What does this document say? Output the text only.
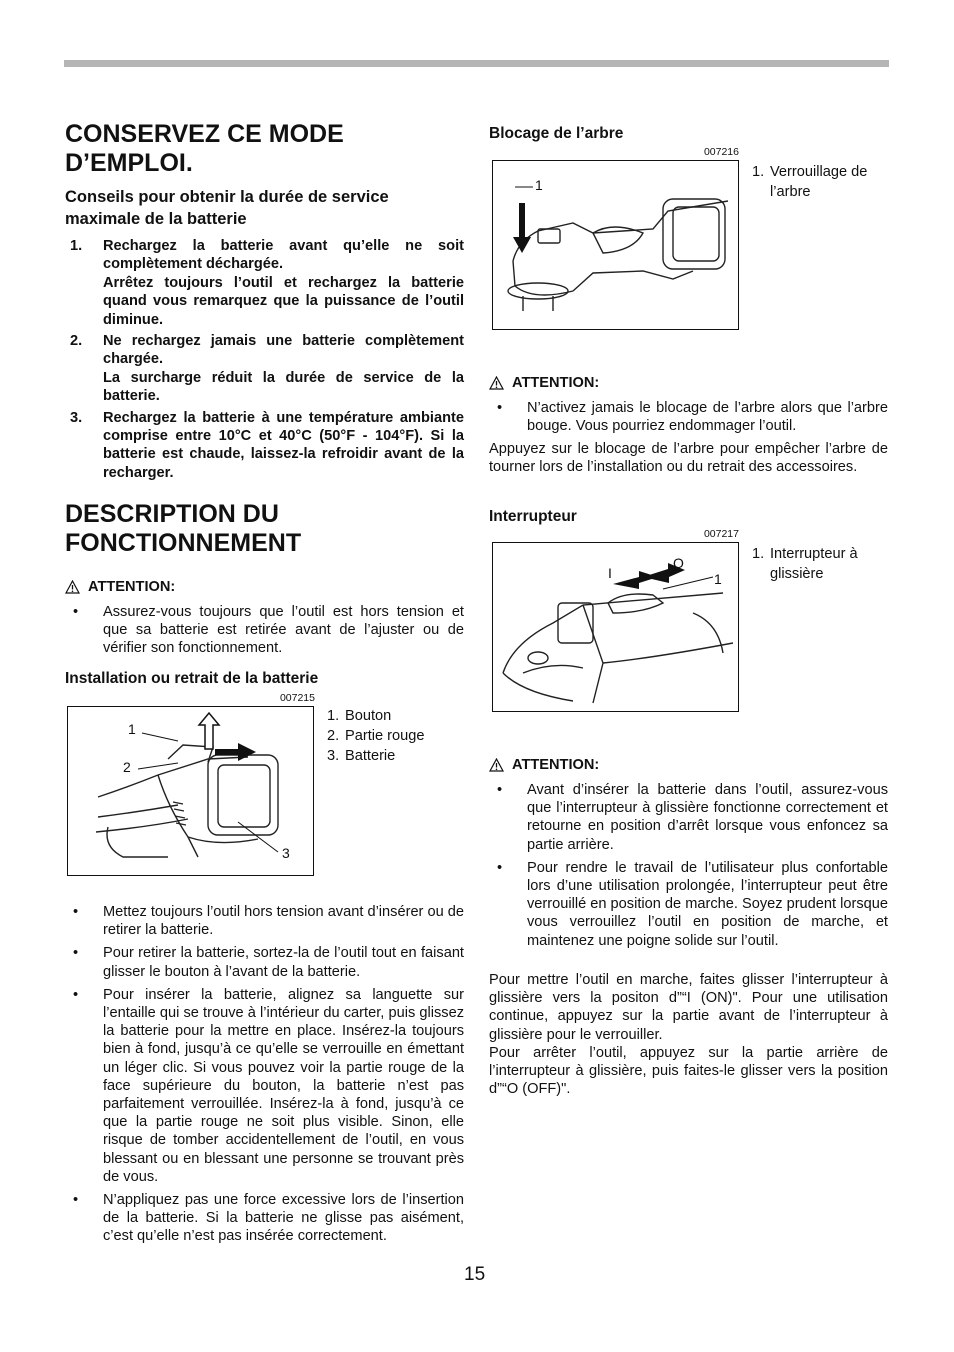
CONSERVEZ CE MODE D’EMPLOI.
Conseils pour obtenir la durée de service maximale de la batterie
1. Rechargez la batterie avant qu’elle ne soit complètement déchargée.
Arrêtez toujours l’outil et rechargez la batterie quand vous remarquez que la puissance de l’outil diminue.
2. Ne rechargez jamais une batterie complètement chargée.
La surcharge réduit la durée de service de la batterie.
3. Rechargez la batterie à une température ambiante comprise entre 10°C et 40°C (50°F - 104°F). Si la batterie est chaude, laissez-la refroidir avant de la recharger.
DESCRIPTION DU FONCTIONNEMENT
ATTENTION:
• Assurez-vous toujours que l’outil est hors tension et que sa batterie est retirée avant de l’ajuster ou de vérifier son fonctionnement.
Installation ou retrait de la batterie
007215
1
2
3
1. Bouton
2. Partie rouge
3. Batterie
• Mettez toujours l’outil hors tension avant d’insérer ou de retirer la batterie.
• Pour retirer la batterie, sortez-la de l’outil tout en faisant glisser le bouton à l’avant de la batterie.
• Pour insérer la batterie, alignez sa languette sur l’entaille qui se trouve à l’intérieur du carter, puis glissez la batterie pour la mettre en place. Insérez-la toujours bien à fond, jusqu’à ce qu’elle se verrouille en émettant un léger clic. Si vous pouvez voir la partie rouge de la face supérieure du bouton, la batterie n’est pas parfaitement verrouillée. Insérez-la à fond, jusqu’à ce que la partie rouge ne soit plus visible. Sinon, elle risque de tomber accidentellement de l’outil, en vous blessant ou en blessant une personne se trouvant près de vous.
• N’appliquez pas une force excessive lors de l’insertion de la batterie. Si la batterie ne glisse pas aisément, c’est qu’elle n’est pas insérée correctement.
Blocage de l’arbre
007216
1
1. Verrouillage de l’arbre
ATTENTION:
• N’activez jamais le blocage de l’arbre alors que l’arbre bouge. Vous pourriez endommager l’outil.

Appuyez sur le blocage de l’arbre pour empêcher l’arbre de tourner lors de l’installation ou du retrait des accessoires.

Interrupteur
007217
I
O
1
1. Interrupteur à glissière
ATTENTION:
• Avant d’insérer la batterie dans l’outil, assurez-vous que l’interrupteur à glissière fonctionne correctement et retourne en position d’arrêt lorsque vous enfoncez sa partie arrière.
• Pour rendre le travail de l’utilisateur plus confortable lors d’une utilisation prolongée, l’interrupteur peut être verrouillé en position de marche. Soyez prudent lorsque vous verrouillez l’outil en position de marche, et maintenez une poigne solide sur l’outil.

Pour mettre l’outil en marche, faites glisser l’interrupteur à glissière vers la positon d”“I (ON)". Pour une utilisation continue, appuyez sur la partie avant de l’interrupteur à glissière pour le verrouiller.

Pour arrêter l’outil, appuyez sur la partie arrière de l’interrupteur à glissière, puis faites-le glisser vers la position d”“O (OFF)".

15
